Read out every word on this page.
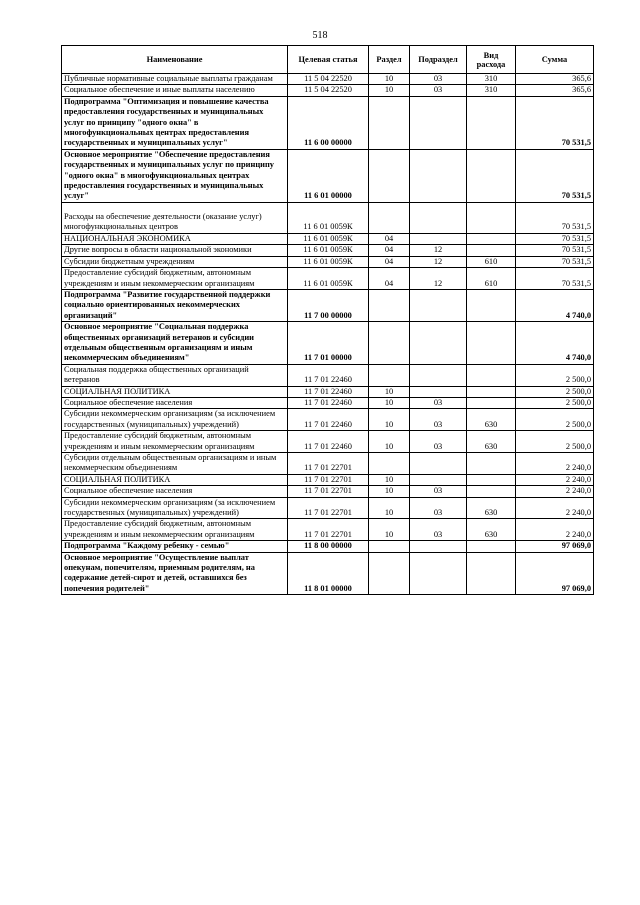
518
Наименование	Целевая статья	Раздел	Подраздел	Вид расхода	Сумма
Публичные нормативные социальные выплаты гражданам	11 5 04 22520	10	03	310	365,6
Социальное обеспечение и иные выплаты населению	11 5 04 22520	10	03	310	365,6
Подпрограмма "Оптимизация и повышение качества предоставления государственных и муниципальных услуг по принципу "одного окна" в многофункциональных центрах предоставления государственных и муниципальных услуг"	11 6 00 00000				70 531,5
Основное мероприятие "Обеспечение предоставления государственных и муниципальных услуг по принципу "одного окна" в многофункциональных центрах предоставления государственных и муниципальных услуг"	11 6 01 00000				70 531,5
Расходы на обеспечение деятельности (оказание услуг) многофункциональных центров	11 6 01 0059К				70 531,5
НАЦИОНАЛЬНАЯ ЭКОНОМИКА	11 6 01 0059К	04			70 531,5
Другие вопросы в области национальной экономики	11 6 01 0059К	04	12		70 531,5
Субсидии бюджетным учреждениям	11 6 01 0059К	04	12	610	70 531,5
Предоставление субсидий бюджетным, автономным учреждениям и иным некоммерческим организациям	11 6 01 0059К	04	12	610	70 531,5
Подпрограмма "Развитие государственной поддержки социально ориентированных некоммерческих организаций"	11 7 00 00000				4 740,0
Основное мероприятие "Социальная поддержка общественных организаций ветеранов и субсидии отдельным общественным организациям и иным некоммерческим объединениям"	11 7 01 00000				4 740,0
Социальная поддержка общественных организаций ветеранов	11 7 01 22460				2 500,0
СОЦИАЛЬНАЯ ПОЛИТИКА	11 7 01 22460	10			2 500,0
Социальное обеспечение населения	11 7 01 22460	10	03		2 500,0
Субсидии некоммерческим организациям (за исключением государственных (муниципальных) учреждений)	11 7 01 22460	10	03	630	2 500,0
Предоставление субсидий бюджетным, автономным учреждениям и иным некоммерческим организациям	11 7 01 22460	10	03	630	2 500,0
Субсидии отдельным общественным организациям и иным некоммерческим объединениям	11 7 01 22701				2 240,0
СОЦИАЛЬНАЯ ПОЛИТИКА	11 7 01 22701	10			2 240,0
Социальное обеспечение населения	11 7 01 22701	10	03		2 240,0
Субсидии некоммерческим организациям (за исключением государственных (муниципальных) учреждений)	11 7 01 22701	10	03	630	2 240,0
Предоставление субсидий бюджетным, автономным учреждениям и иным некоммерческим организациям	11 7 01 22701	10	03	630	2 240,0
Подпрограмма "Каждому ребенку - семью"	11 8 00 00000				97 069,0
Основное мероприятие "Осуществление выплат опекунам, попечителям, приемным родителям, на содержание детей-сирот и детей, оставшихся без попечения родителей"	11 8 01 00000				97 069,0
